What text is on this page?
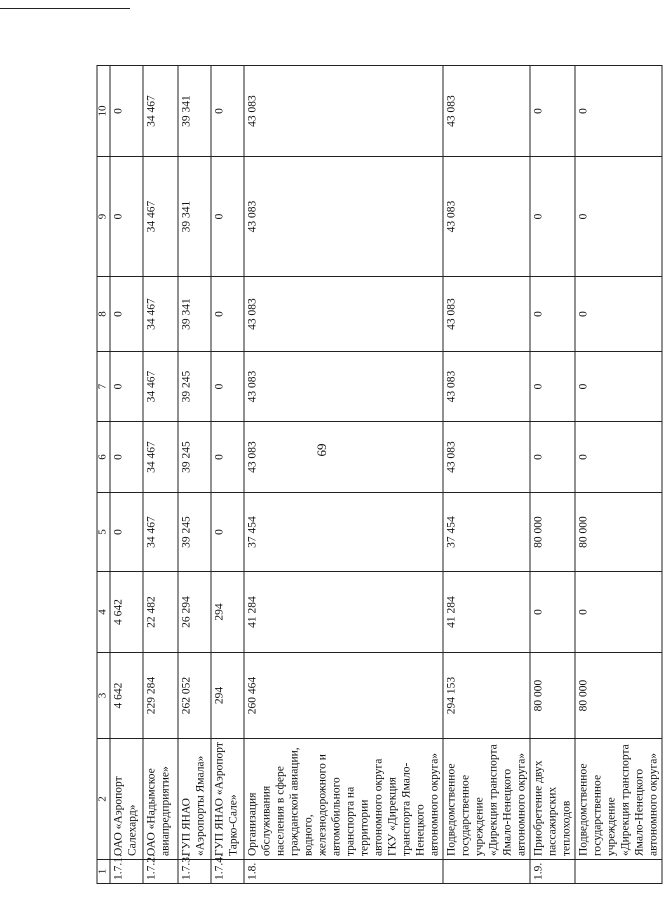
69
1	2	3	4	5	6	7	8	9	10
1.7.1.	ОАО «Аэропорт Салехард»	4 642	4 642	0	0	0	0	0	0
1.7.2.	ОАО «Надымское авиапредприятие»	229 284	22 482	34 467	34 467	34 467	34 467	34 467	34 467
1.7.3.	ГУП ЯНАО «Аэропорты Ямала»	262 052	26 294	39 245	39 245	39 245	39 341	39 341	39 341
1.7.4.	ГУП ЯНАО «Аэропорт Тарко-Сале»	294	294	0	0	0	0	0	0
1.8.	Организация обслуживания населения в сфере гражданской авиации, водного, железнодорожного и автомобильного транспорта на территории автономного округа ГКУ «Дирекция транспорта Ямало-Ненецкого автономного округа»	260 464	41 284	37 454	43 083	43 083	43 083	43 083	43 083
	Подведомственное государственное учреждение «Дирекция транспорта Ямало-Ненецкого автономного округа»	294 153	41 284	37 454	43 083	43 083	43 083	43 083	43 083
1.9.	Приобретение двух пассажирских теплоходов	80 000	0	80 000	0	0	0	0	0
	Подведомственное государственное учреждение «Дирекция транспорта Ямало-Ненецкого автономного округа»	80 000	0	80 000	0	0	0	0	0
